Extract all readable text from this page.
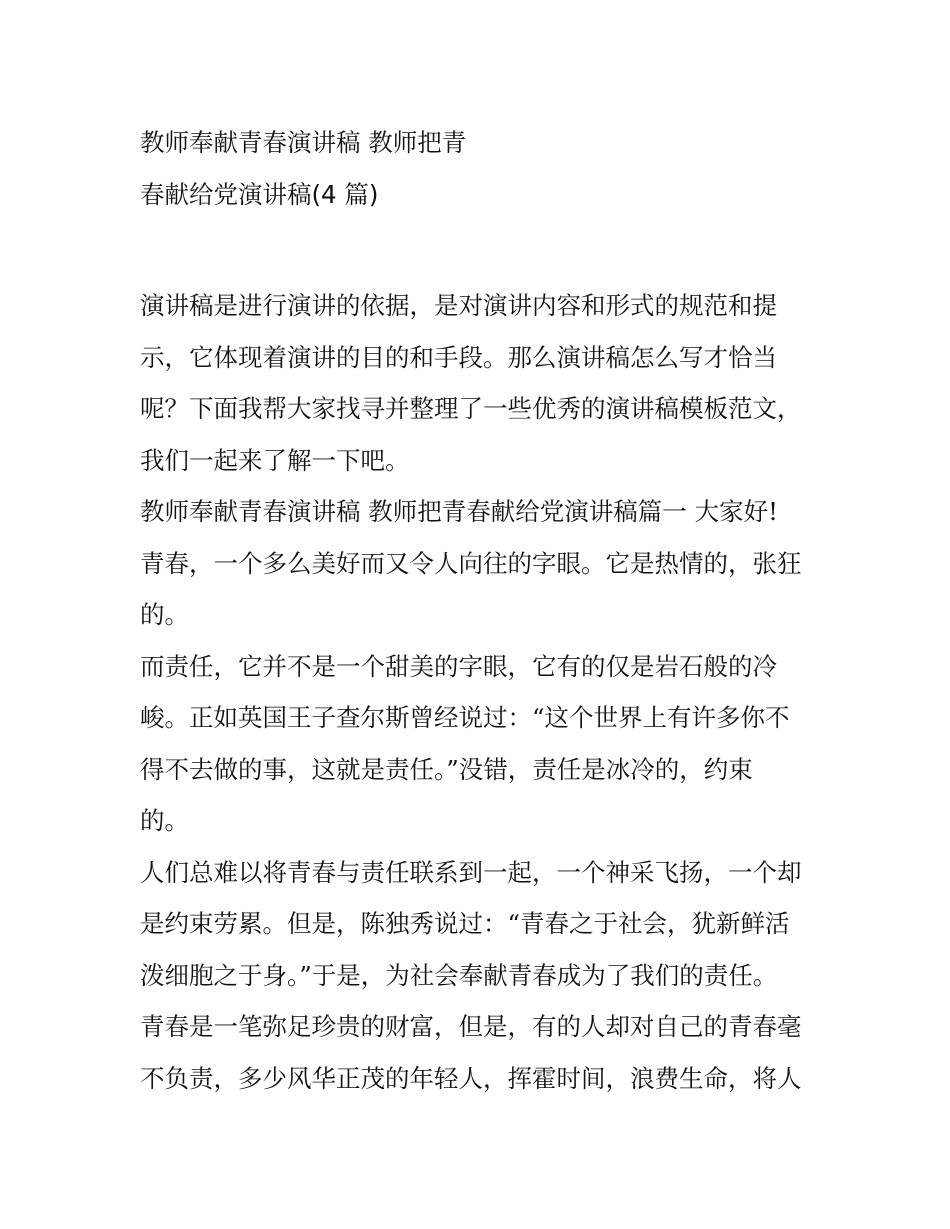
教师奉献青春演讲稿 教师把青
春献给党演讲稿(4 篇)
演讲稿是进行演讲的依据，是对演讲内容和形式的规范和提
示，它体现着演讲的目的和手段。那么演讲稿怎么写才恰当
呢？下面我帮大家找寻并整理了一些优秀的演讲稿模板范文，
我们一起来了解一下吧。
教师奉献青春演讲稿 教师把青春献给党演讲稿篇一 大家好!
青春，一个多么美好而又令人向往的字眼。它是热情的，张狂
的。
而责任，它并不是一个甜美的字眼，它有的仅是岩石般的冷
峻。正如英国王子查尔斯曾经说过：“这个世界上有许多你不
得不去做的事，这就是责任。”没错，责任是冰冷的，约束
的。
人们总难以将青春与责任联系到一起，一个神采飞扬，一个却
是约束劳累。但是，陈独秀说过：“青春之于社会，犹新鲜活
泼细胞之于身。”于是，为社会奉献青春成为了我们的责任。
青春是一笔弥足珍贵的财富，但是，有的人却对自己的青春毫
不负责，多少风华正茂的年轻人，挥霍时间，浪费生命，将人
